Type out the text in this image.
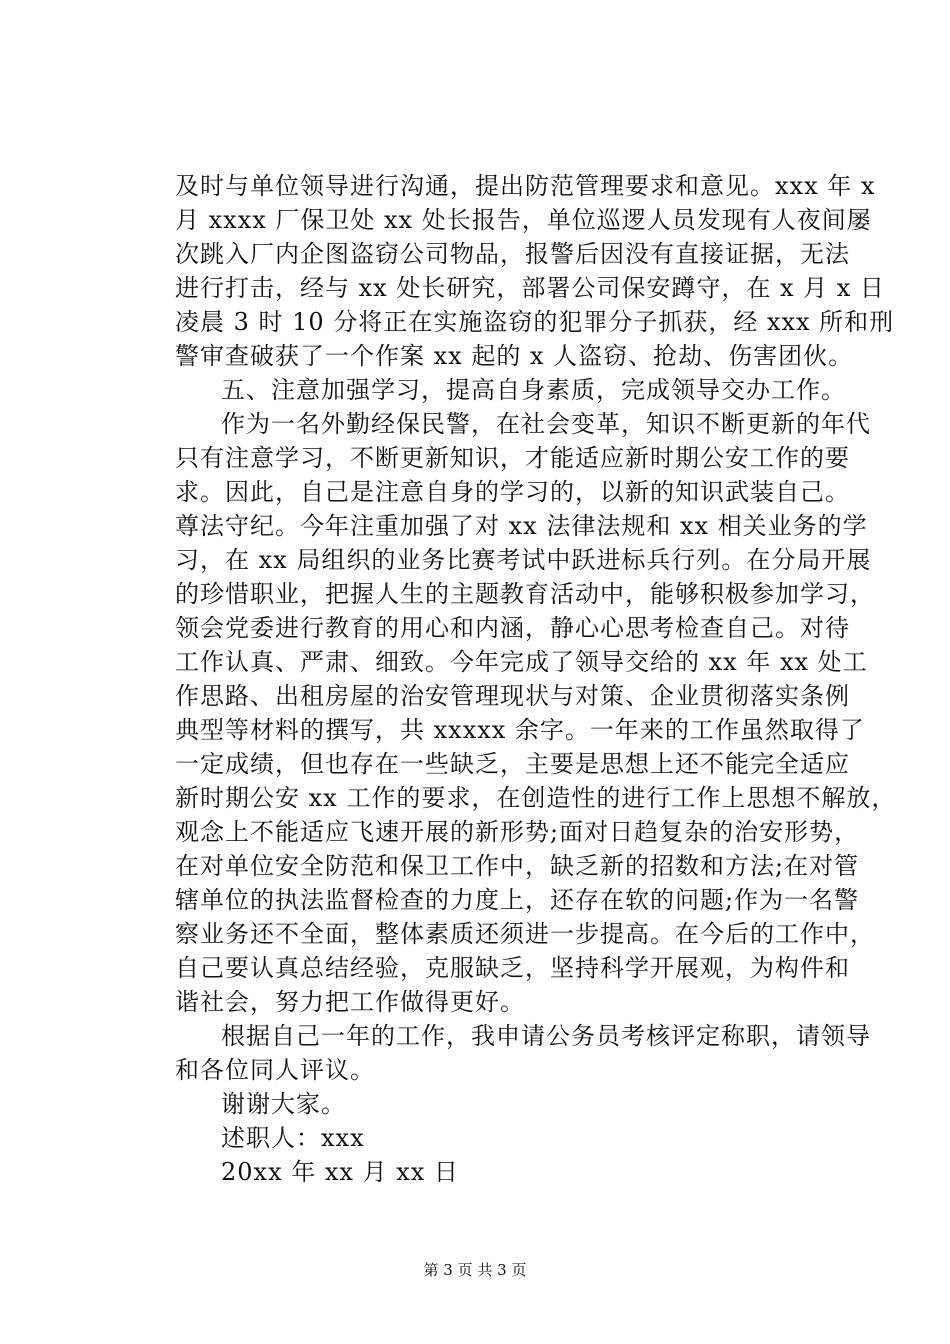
及时与单位领导进行沟通，提出防范管理要求和意见。xxx 年 x
月 xxxx 厂保卫处 xx 处长报告，单位巡逻人员发现有人夜间屡
次跳入厂内企图盗窃公司物品，报警后因没有直接证据，无法
进行打击，经与 xx 处长研究，部署公司保安蹲守，在 x 月 x 日
凌晨 3 时 10 分将正在实施盗窃的犯罪分子抓获，经 xxx 所和刑
警审查破获了一个作案 xx 起的 x 人盗窃、抢劫、伤害团伙。
五、注意加强学习，提高自身素质，完成领导交办工作。
作为一名外勤经保民警，在社会变革，知识不断更新的年代
只有注意学习，不断更新知识，才能适应新时期公安工作的要
求。因此，自己是注意自身的学习的，以新的知识武装自己。
尊法守纪。今年注重加强了对 xx 法律法规和 xx 相关业务的学
习，在 xx 局组织的业务比赛考试中跃进标兵行列。在分局开展
的珍惜职业，把握人生的主题教育活动中，能够积极参加学习，
领会党委进行教育的用心和内涵，静心心思考检查自己。对待
工作认真、严肃、细致。今年完成了领导交给的 xx 年 xx 处工
作思路、出租房屋的治安管理现状与对策、企业贯彻落实条例
典型等材料的撰写，共 xxxxx 余字。一年来的工作虽然取得了
一定成绩，但也存在一些缺乏，主要是思想上还不能完全适应
新时期公安 xx 工作的要求，在创造性的进行工作上思想不解放，
观念上不能适应飞速开展的新形势;面对日趋复杂的治安形势，
在对单位安全防范和保卫工作中，缺乏新的招数和方法;在对管
辖单位的执法监督检查的力度上，还存在软的问题;作为一名警
察业务还不全面，整体素质还须进一步提高。在今后的工作中，
自己要认真总结经验，克服缺乏，坚持科学开展观，为构件和
谐社会，努力把工作做得更好。
根据自己一年的工作，我申请公务员考核评定称职，请领导
和各位同人评议。
谢谢大家。
述职人：xxx
20xx 年 xx 月 xx 日
第 3 页 共 3 页
